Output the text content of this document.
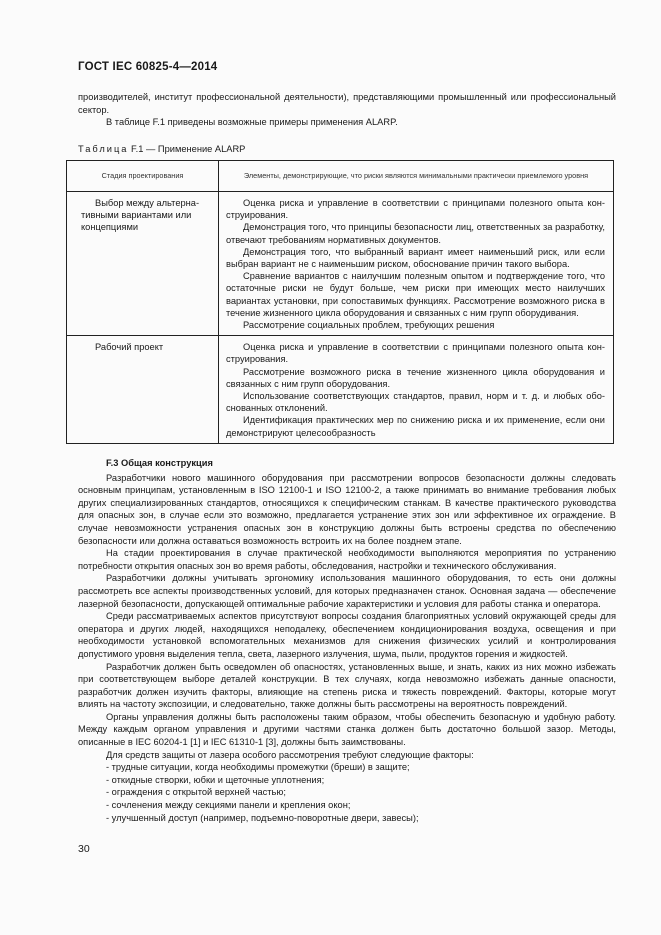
ГОСТ IEC 60825-4—2014

производителей, институт профессиональной деятельности), представляющими промышленный или профессиональный сектор.

В таблице F.1 приведены возможные примеры применения ALARP.

Таблица F.1 — Применение ALARP
Стадия проектирования	Элементы, демонстрирующие, что риски являются минимальными практически приемлемого уровня

Выбор между альтернативными вариантами или концепциями	Оценка риска и управление в соответствии с принципами полезного опыта конструирования.

Демонстрация того, что принципы безопасности лиц, ответственных за разработку, отвечают требованиям нормативных документов.

Демонстрация того, что выбранный вариант имеет наименьший риск, или если выбран вариант не с наименьшим риском, обоснование причин такого выбора.

Сравнение вариантов с наилучшим полезным опытом и подтверждение того, что остаточные риски не будут больше, чем риски при имеющих место наилучших вариантах установки, при сопоставимых функциях. Рассмотрение возможного риска в течение жизненного цикла оборудования и связанных с ним групп оборудивания.

Рассмотрение социальных проблем, требующих решения

Рабочий проект	Оценка риска и управление в соответствии с принципами полезного опыта конструирования.

Рассмотрение возможного риска в течение жизненного цикла оборудования и связанных с ним групп оборудования.

Использование соответствующих стандартов, правил, норм и т. д. и любых обоснованных отклонений.

Идентификация практических мер по снижению риска и их применение, если они демонстрируют целесообразность

F.3 Общая конструкция

Разработчики нового машинного оборудования при рассмотрении вопросов безопасности должны следовать основным принципам, установленным в ISO 12100-1 и ISO 12100-2, а также принимать во внимание требования любых других специализированных стандартов, относящихся к специфическим станкам. В качестве практического руководства для опасных зон, в случае если это возможно, предлагается устранение этих зон или эффективное их ограждение. В случае невозможности устранения опасных зон в конструкцию должны быть встроены средства по обеспечению безопасности или должна оставаться возможность встроить их на более позднем этапе.

На стадии проектирования в случае практической необходимости выполняются мероприятия по устранению потребности открытия опасных зон во время работы, обследования, настройки и технического обслуживания.

Разработчики должны учитывать эргономику использования машинного оборудования, то есть они должны рассмотреть все аспекты производственных условий, для которых предназначен станок. Основная задача — обеспечение лазерной безопасности, допускающей оптимальные рабочие характеристики и условия для работы станка и оператора.

Среди рассматриваемых аспектов присутствуют вопросы создания благоприятных условий окружающей среды для оператора и других людей, находящихся неподалеку, обеспечением кондиционирования воздуха, освещения и при необходимости установкой вспомогательных механизмов для снижения физических усилий и контролирования допустимого уровня выделения тепла, света, лазерного излучения, шума, пыли, продуктов горения и жидкостей.

Разработчик должен быть осведомлен об опасностях, установленных выше, и знать, каких из них можно избежать при соответствующем выборе деталей конструкции. В тех случаях, когда невозможно избежать данные опасности, разработчик должен изучить факторы, влияющие на степень риска и тяжесть повреждений. Факторы, которые могут влиять на частоту экспозиции, и следовательно, также должны быть рассмотрены на вероятность повреждений.

Органы управления должны быть расположены таким образом, чтобы обеспечить безопасную и удобную работу. Между каждым органом управления и другими частями станка должен быть достаточно большой зазор. Методы, описанные в IEC 60204-1 [1] и IEC 61310-1 [3], должны быть заимствованы.

Для средств защиты от лазера особого рассмотрения требуют следующие факторы:

- трудные ситуации, когда необходимы промежутки (бреши) в защите;

- откидные створки, юбки и щеточные уплотнения;

- ограждения с открытой верхней частью;

- сочленения между секциями панели и крепления окон;

- улучшенный доступ (например, подъемно-поворотные двери, завесы);

30
